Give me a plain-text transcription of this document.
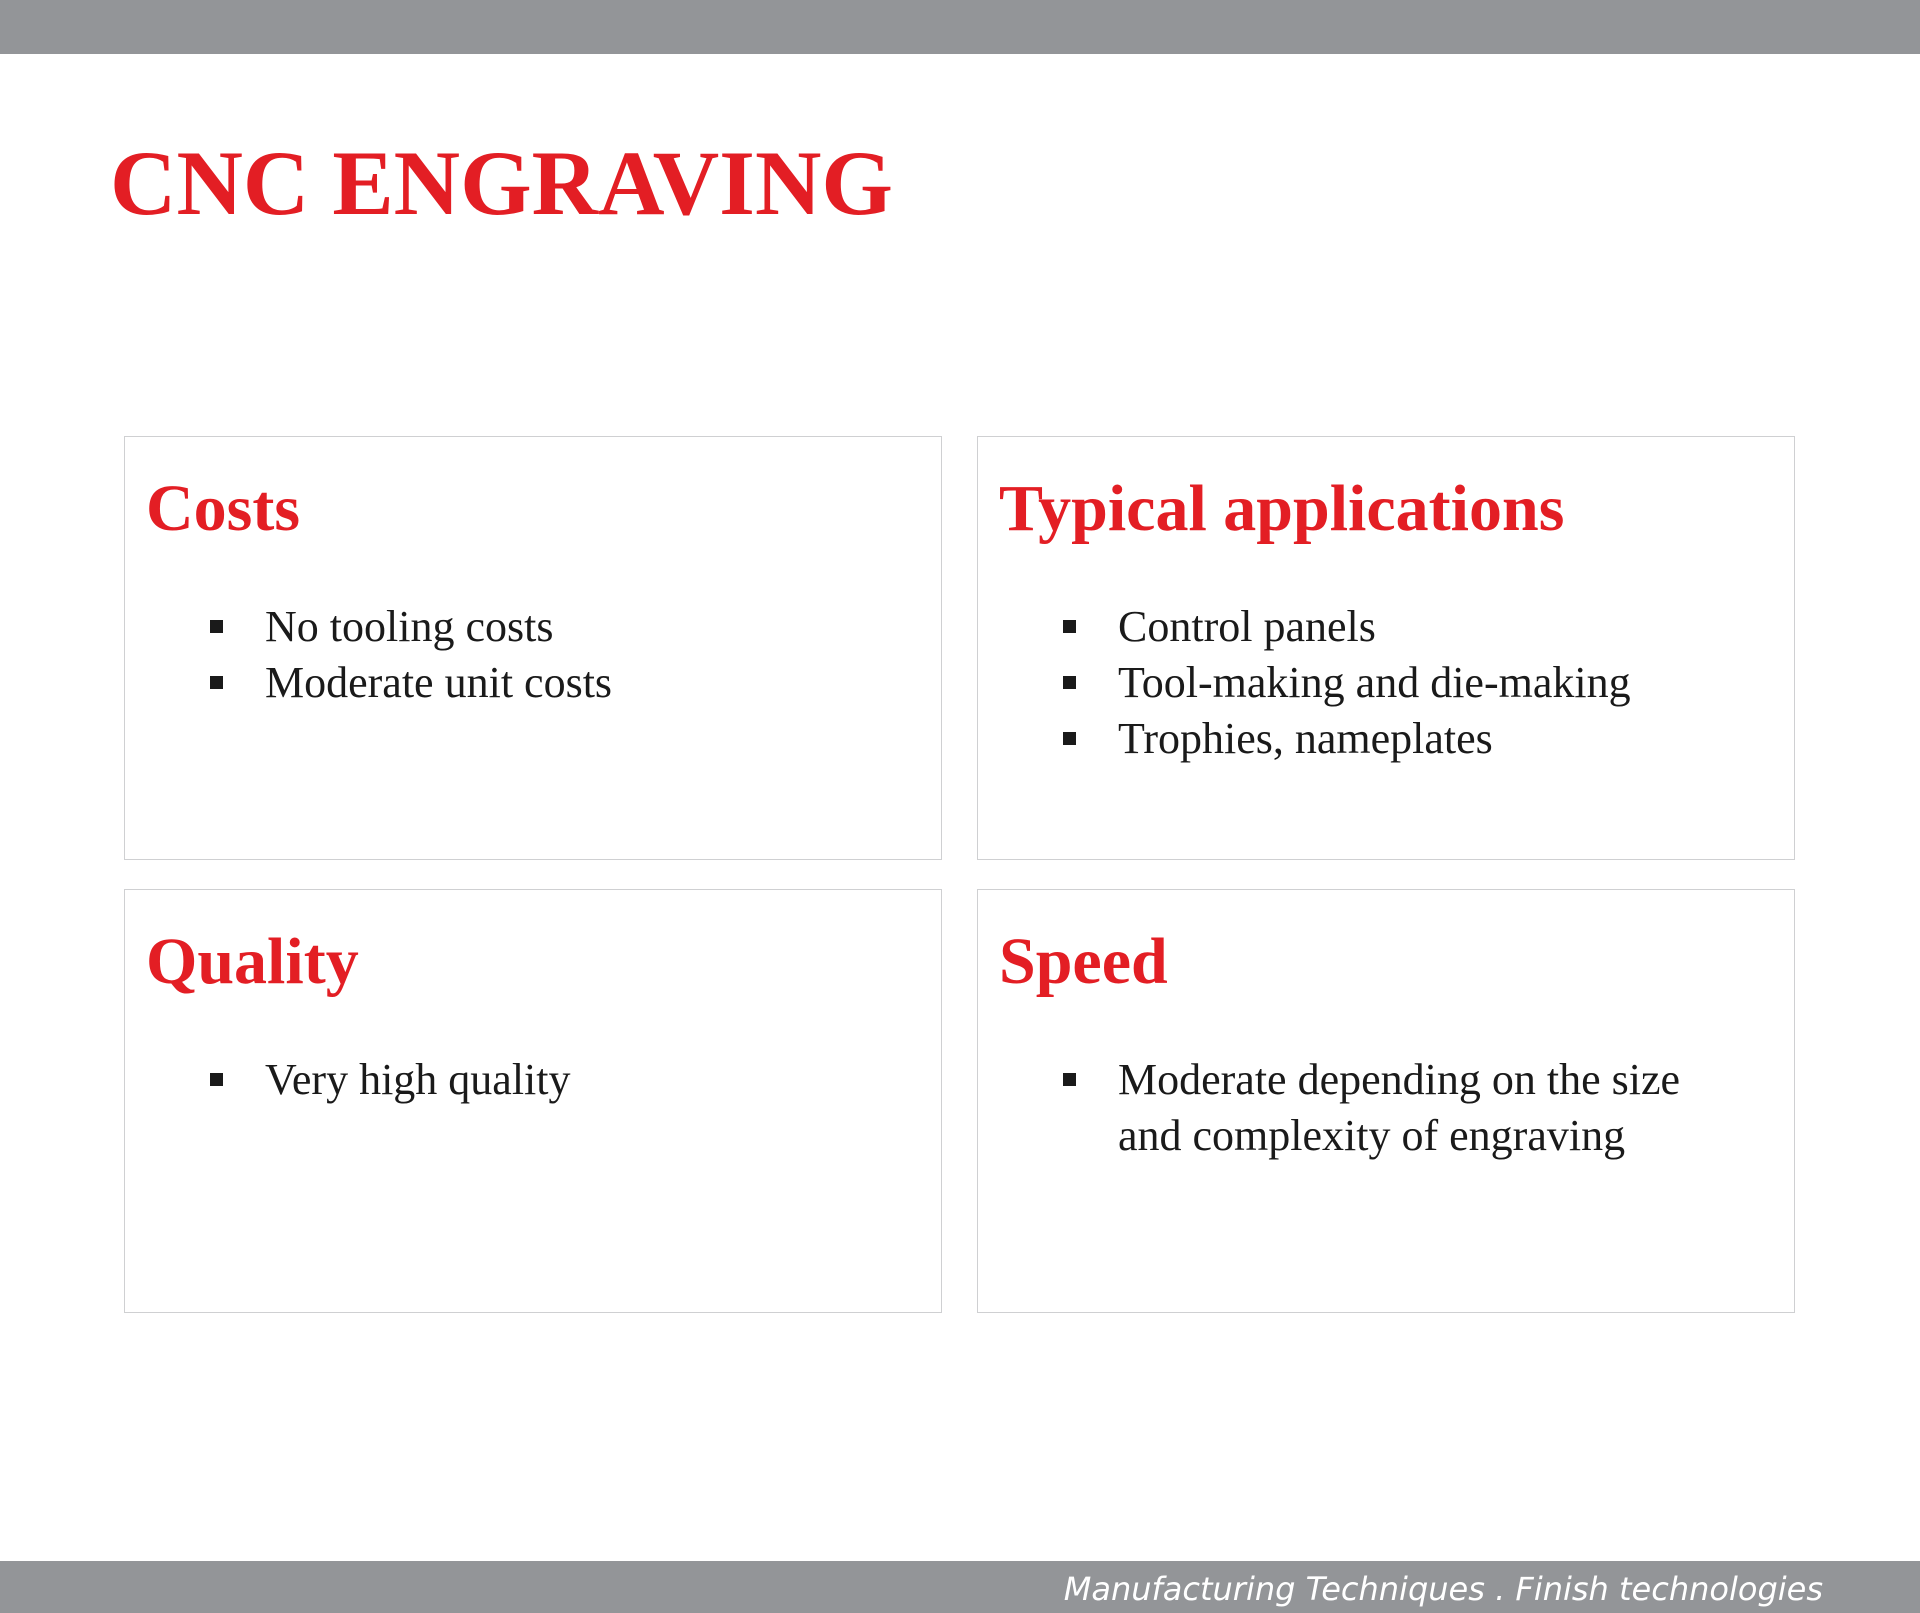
CNC ENGRAVING
Costs
No tooling costs
Moderate unit costs
Typical applications
Control panels
Tool-making and die-making
Trophies, nameplates
Quality
Very high quality
Speed
Moderate depending on the size and complexity of engraving
Manufacturing Techniques . Finish technologies
